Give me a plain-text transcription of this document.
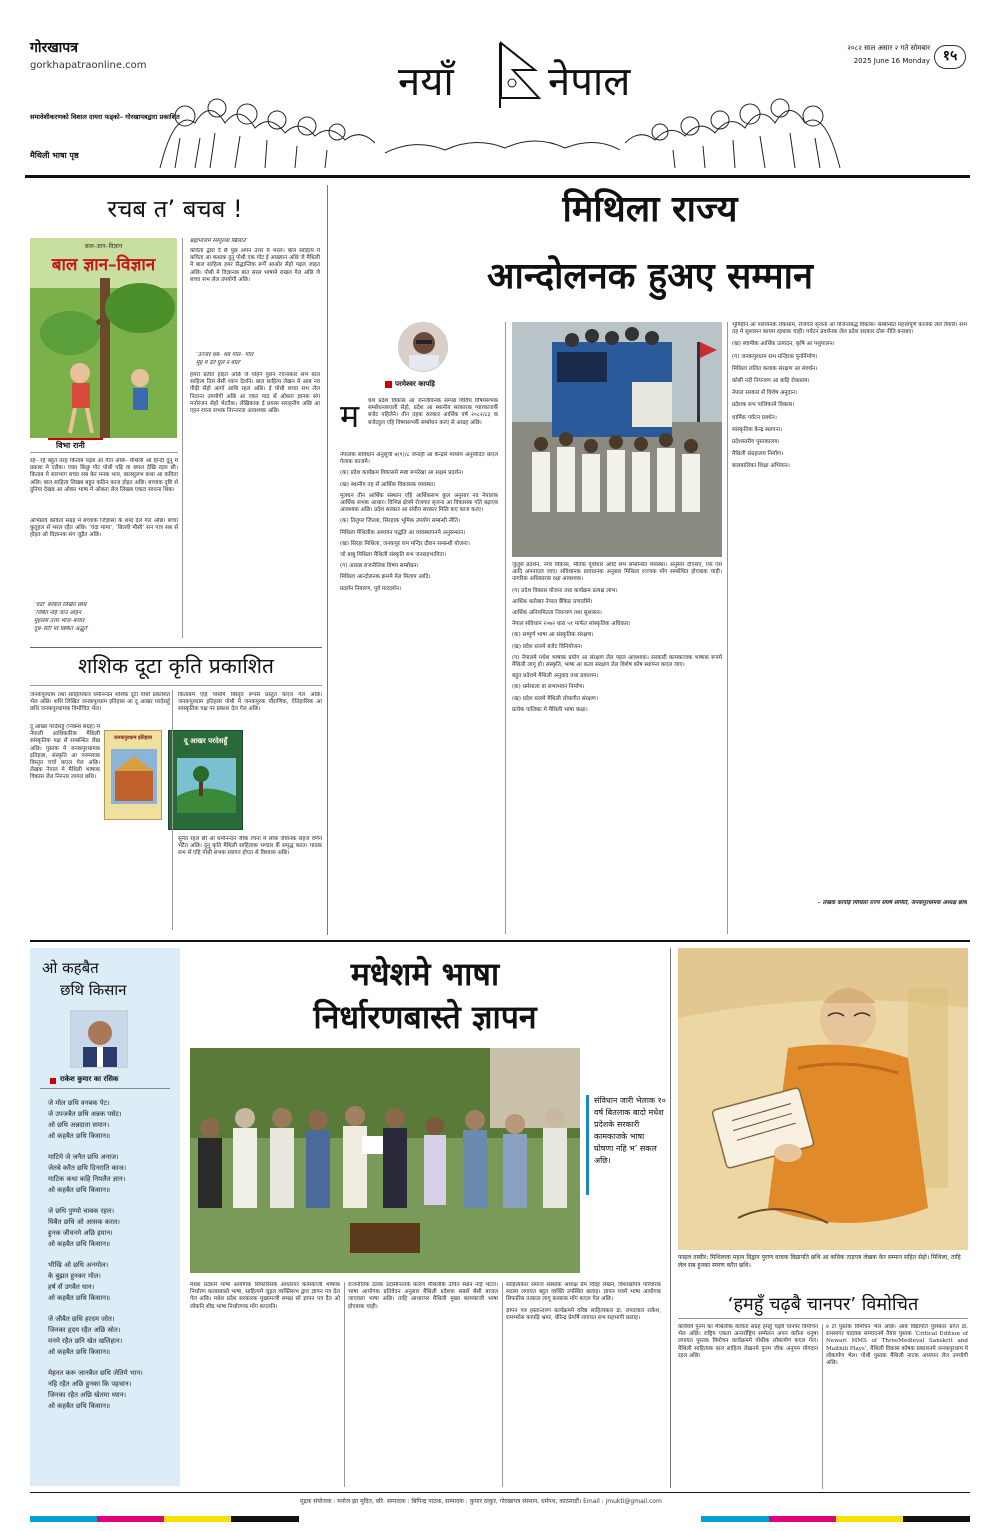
गोरखापत्र
gorkhapatraonline.com
समावेशीकरणको विशाल दायरा फड्को– गोरखापत्रद्वारा प्रकाशित
मैथिली भाषा पृष्ठ
नयाँ नेपाल
२०८२ साल असार २ गते सोमबार
2025 June 16 Monday १५
रचब त’ बचब !
बाल–ज्ञान–विज्ञान
बाल ज्ञान–विज्ञान
विभा रानी
रहे– रहे बहुत तरह किताब पढ़ब आ गीत अछि– मैथिली आ हिन्दी दुनू मे प्रकाश मे एलैक। एकर किछु गोट पोथी पढ़ि वा छपल देखि रहल छी। किताब मे सारभाग बच्चा सब केर मनक भाव, बालसुलभ कथा आ कविता अछि। बाल साहित्य लिखब बहुत कठिन काज होइत अछि। बच्चाक दृष्टि सँ दुनिया देखब आ ओकर भाषा मे ओकरा लेल लिखब एकटा साधना थिक।
अभिप्राय कविता संग्रह मे बच्चाक जिज्ञासा के शब्द देल गेल अछि। बच्चा कुतूहल सँ भरल रहैत अछि। ‘चंदा मामा’, ‘बिल्ली मौसी’ सन पात्र सब सँ होइत ओ विज्ञानक संग जुड़ैत अछि।
‘चंदा’ कविता लिखैत छथि
‘जिबैत नहि जाउ ओहन
मुहल्ला उत्तर भोज–बजार
दूध–रोटी पर छिकैत अद्भुत’
ब्रह्मभोजमे रसगुल्ला खिलाउ’
कविता द्वारा दै छै पुछ अपन उत्तर में भरल। बाल साहित्य मे कविता आ कथाक दुनू पोथी एक गोट ई आख्यान अछि जे मैथिली मे बाल साहित्य हमर सैद्धान्तिक रूपेँ आओर सेहो पढ़ल जाइत अछि। पोथी मे विज्ञानक बात सरल भाषामे राखल गेल अछि जे बच्चा सभ लेल उपयोगी अछि।
‘उज्जर धब– धब गोल– गोल
मुँह मे देते घुले न बोल’
हमरा प्रतीत होइत अछि जे पहिने पुरान रचनाकार सभ बाल साहित्य दिस बेसी ध्यान देलनि। बाल साहित्य लेखन मे आब नव पीढ़ी सेहो आगाँ आबि रहल अछि। ई पोथी बच्चा सभ लेल नितान्त उपयोगी अछि आ एकर पाठ सँ ओकरा ज्ञानक संग मनोरंजन सेहो भेटतैक। लेखिकाक ई प्रयास सराहनीय अछि आ एहन रचना सभक निरन्तरता आवश्यक अछि।
शशिक दूटा कृति प्रकाशित
जनकपुरधाम तथा साहित्यकार धर्मानन्दन शशिक दूटा पोथी प्रकाशित भेल अछि। शशि लिखित जनकपुरधाम इतिहास आ दू आखर परदेसहुँ छथि जनकपुरधामक विमोचित भेल।
दू आखर परदेसहुँ (निबन्ध संग्रह) मे नेपाली आधिकारिक मैथिली सांस्कृतिक पक्ष सँ सम्बन्धित लेख अछि। पुस्तक मे जनकपुरधामक इतिहास, संस्कृति आ परम्पराक विस्तृत चर्चा कएल गेल अछि। लेखक नेपाल मे मैथिली भाषाक विकास लेल निरन्तर लागल छथि।
जनकपुरधाम इतिहास	दू आखर परदेसहुँ
किताबमे एहि पोथीमे विस्तृत रूपसँ प्रस्तुत कएल गेल अछि। जनकपुरधाम इतिहास पोथी मे जनकपुरक पौराणिक, ऐतिहासिक आ सांस्कृतिक पक्ष पर प्रकाश देल गेल अछि।
सुनैत रहल छी आ धर्मानन्दन जीक रचना मे लोक जीवनक सहज वर्णन भेटैत अछि। दूनू कृति मैथिली साहित्यक भण्डार केँ समृद्ध करत। पाठक सभ सँ एहि पोथी सभक स्वागत होएत से विश्वास अछि।
मिथिला राज्य
आन्दोलनक हुअए सम्मान
परमेश्वर कापड़ि
म धेश प्रदेश विकास आ जनजीवनक सम्पन्न विविध विषयसभक सम्बोधनकएली सेहो, प्रदेश आ स्थानीय सरकारक प्यारकाजकेँ बजेट पहिलेने। तीन तहक सरकार आर्थिक वर्ष २०८२/८३ क बजेटहुल एहि विषयसभकेँ सम्बोधन करए से आग्रह अछि।
नेपालक संविधान अनुसूची ७(१)/८ जेनाही आ केन्द्रसँ माध्यम अनुमोदित कएल गेलाक काजमे।
(क) प्रदेश कार्यक्रम विकासमे स्पष्ट रूपरेखा आ सक्षम प्रदर्शन।
(ख) स्थानीय तह सँ आर्थिक विकासक व्यवस्था।
मुलधन तीन आर्थिक संस्थान एहि आर्थिकसभ कुल अनुसार नव नेपालक आर्थिक सभक आधार। विभिन्न क्षेत्रमे रोजगार सृजना आ विकासक गति बढ़ाएब आवश्यक अछि। प्रदेश सरकार आ संघीय सरकार मिलि कए काज करए।
(क) तिलुपर जिल्ला, सिरहाक भूमिक उपयोग सम्बन्धी नीति।
मिथिला मैथिलीक अध्ययन पद्धति आ व्यवस्थापनमे अनुसन्धान।
(ख) सिरहा मिथिला, जनकपुर राम मन्दिर दौरान सम्बन्धी योजना।
जो बाबु मिथिला मैथिली संस्कृति सभ जनसहभागिता।
(ग) आसन्न राजनीतिक विषय सम्बोधन।
मिथिला आन्दोलनक क्रममे मेल मिलाप आदि।
प्रदर्शन निवारण, पूर्व मारदर्शन।
जुलुस प्रदर्शन, नगर विकास, भैतिक पूर्वाधार आदि सभ सम्बन्धित व्यवस्था। अनुसार दीएसए, एस एस आदि अपनाएल जाए। संविधानक प्रावधानक अनुसार मिथिला राज्यक माँग सम्बोधित होएबाक चाही। नागरिक अधिकारक रक्षा आवश्यक।
(ग) प्रदेश विकास योजना तथा कार्यक्रम प्रत्यक्ष लाभ।
आर्थिक करोबार नेपाल बैंकिङ प्रणालीमे।
आर्थिक अनियमितता नियन्त्रण तथा सुशासन।
नेपाल संविधान २०७२ धारा ५१ मार्फत सांस्कृतिक अधिकार।
(क) सम्पूर्ण भाषा आ संस्कृतिक संरक्षण।
(ख) प्रदेश स्तरमे बजेट विनियोजन।
(ग) नेपालमे मधेश भाषाक प्रयोग आ संरक्षण लेल पहल आवश्यक। सरकारी कामकाजक भाषाक रूपमे मैथिली लागू हो। संस्कृति, भाषा आ कला संरक्षण लेल विशेष कोष स्थापना कएल जाए।
बहुत प्रदेशमे मैथिली अनुवाद तथा प्रकाशन।
(क) धर्मशाला वा सभाभवन निर्माण।
(ख) प्रदेश स्तरमे मैथिली लोकगीत संरक्षण।
प्रत्येक पालिका मे मैथिली भाषा कक्षा।
भूमिहीन आ पलायनक रोकथाम, रोजगार सृजना आ योजनाबद्ध विकास। सम्बन्धित महत्त्वपूर्ण काजक लेल तैयारी। सभ तह मे सुशासन कायम रहबाक चाही। पर्यटन प्रवर्धनक लेल प्रदेश सरकार ठोस नीति बनाबए।
(ख) स्वामीक आर्थिक उत्पादन, कृषि आ पशुपालन।
(ग) जनकपुरधाम सभ मन्दिरक पुनर्निर्माण।
मिथिला ललित कलाक संरक्षण आ संवर्धन।
कोसी नदी नियन्त्रण आ बाढ़ि रोकथाम।
नेपाल सरकार सँ विशेष अनुदान।
प्रदेशक सभ पालिकामे विकास।
धार्मिक पर्यटन प्रवर्धन।
सांस्कृतिक केन्द्र स्थापना।
प्रदेशस्तरीय पुस्तकालय।
मैथिली संग्रहालय निर्माण।
बालबालिका शिक्षा अभियान।
– लेखक कापड़ि मिथिला राज्य संघर्ष समिति, जनकपुरधामक अध्यक्ष छथि
ओ कहबैत
छथि किसान
राकेश कुमार का रसिक
जे मोल छथि वनबक पेट।
जे उपजबैत छथि अन्नक पसेट।
ओ छथि अन्नदाता समान।
ओ कहबैत छथि किसान॥
माटिमे जे जनैत छथि अनाज।
जेतबे करैत छथि दिनराति काज।
माटिक कथा कहि नियलैत ज्ञान।
ओ कहबैत छथि किसान॥
जे छथि पुण्यो चाबक रहल।
घिबैत छथि ओ आसक करल।
हुनक जीवनमे अछि इमान।
ओ कहबैत छथि किसान॥
भीखि ओ छथि अनमोल।
के बुझत हुनकर मोल।
हर्ष सँ उगबैत धान।
ओ कहबैत छथि किसान॥
जे जीबैत छथि हरदम जोत।
जिनका हृदय रहैत अछि स्रोत।
मनमे रहैत छनि खेत खलिहान।
ओ कहबैत छथि किसान॥
मेहनत करू जानकैत छथि जेतिमे भान।
नहि रहैत अछि हुनका कि पहचान।
जिनका रहैत अछि खेतमा ध्यान।
ओ कहबैत छथि किसान॥
मधेशमे भाषा
निर्धारणबास्ते ज्ञापन
संविधान जारी भेलाक १० वर्ष बितलाक बादो मधेश प्रदेशके सरकारी कामकाजके भाषा घोषणा नहि भ’ सकल अछि।
मधेश प्रदेशमे भाषा आयोगक सिफारिसके आधारपर कामकाजी भाषाक निर्धारण करबाबास्ते भाषा, साहित्यमे जुड़ल व्यक्तिसभ द्वारा ज्ञापन पत्र देल गेल अछि। मधेश प्रदेश सरकारक मुख्यमन्त्री समक्ष सो ज्ञापन पत्र दैत ओ लोकनि शीघ्र भाषा निर्धारणक माँग कएलनि।
राजनीतिक दलक उदासीनताके कारण मैथिलीके उचित स्थान नहि भेटल। भाषा आयोगक प्रतिवेदन अनुसार मैथिली प्रदेशक सबसँ बेसी बाजल जाएवला भाषा अछि। ताहि आधारपर मैथिली मुख्य कामकाजी भाषा होएबाक चाही।
साहित्यकार समाज संस्थाक अध्यक्ष प्रेम विदेह लखन, विशाखापत्र परिवारक सदस्य लगायत बहुत व्यक्ति उपस्थित छलाह। ज्ञापन पत्रमे भाषा आयोगक सिफारिस तत्काल लागू करबाक माँग कएल गेल अछि।
ज्ञापन पत्र हस्तान्तरण कार्यक्रममे वरिष्ठ साहित्यकार डा. रामदयाल राकेश, रामभरोस कापड़ि भ्रमर, धीरेन्द्र प्रेमर्षि लगायत सभ सहभागी छलाह।
फाइल तस्वीर: मिथिलाक महान विद्वान पुराण वाचक विद्यापति छथि आ कविक ताड़पत्र लेखक केर सम्मान सहित सेहो। मिथिला, ताहि लेल सब हुनका स्मरण करैत छथि।
‘हमहुँ चढ़बै चानपर’ विमोचित
कविवर्य पुनम का मैथिलीक कविता संग्रह हमहुँ चढ़बै चानपर विमोचन भेल अछि। राष्ट्रिय एकता अन्तर्राष्ट्रिय सम्मेलन अपन करीना धनुषा लगायत पुस्तक विमोचन कार्यक्रममे पोथीक लोकार्पण कएल गेल। मैथिली साहित्यक बाल साहित्य लेखनमे पुनम जीक अनुपम योगदान रहल अछि।
४ टा पुस्तक विमोचन भेल अछि। आब विद्यापति पुरस्कार प्राप्त डा. रामसागर यादवक सम्पादनमे तैयार पुस्तक ‘Critical Edition of Newari MMS of ThreeMedieval Sanskrit and Maithili Plays’, मैथिली विकास कोषक प्रकाशनमे जनकपुरधाम मे लोकार्पण भेल। पोथी पुस्तक मैथिली नाटक अध्ययन लेल उपयोगी अछि।
मुद्रक संयोजक : मनोज झा मुदित, वरि. सम्पादक : बिपिन्द्र पाठक, सम्पादक : कुमार ठाकुर, गोरखापत्र संस्थान, धर्मपथ, काठमाडौं। Email : jmukti@gmail.com
